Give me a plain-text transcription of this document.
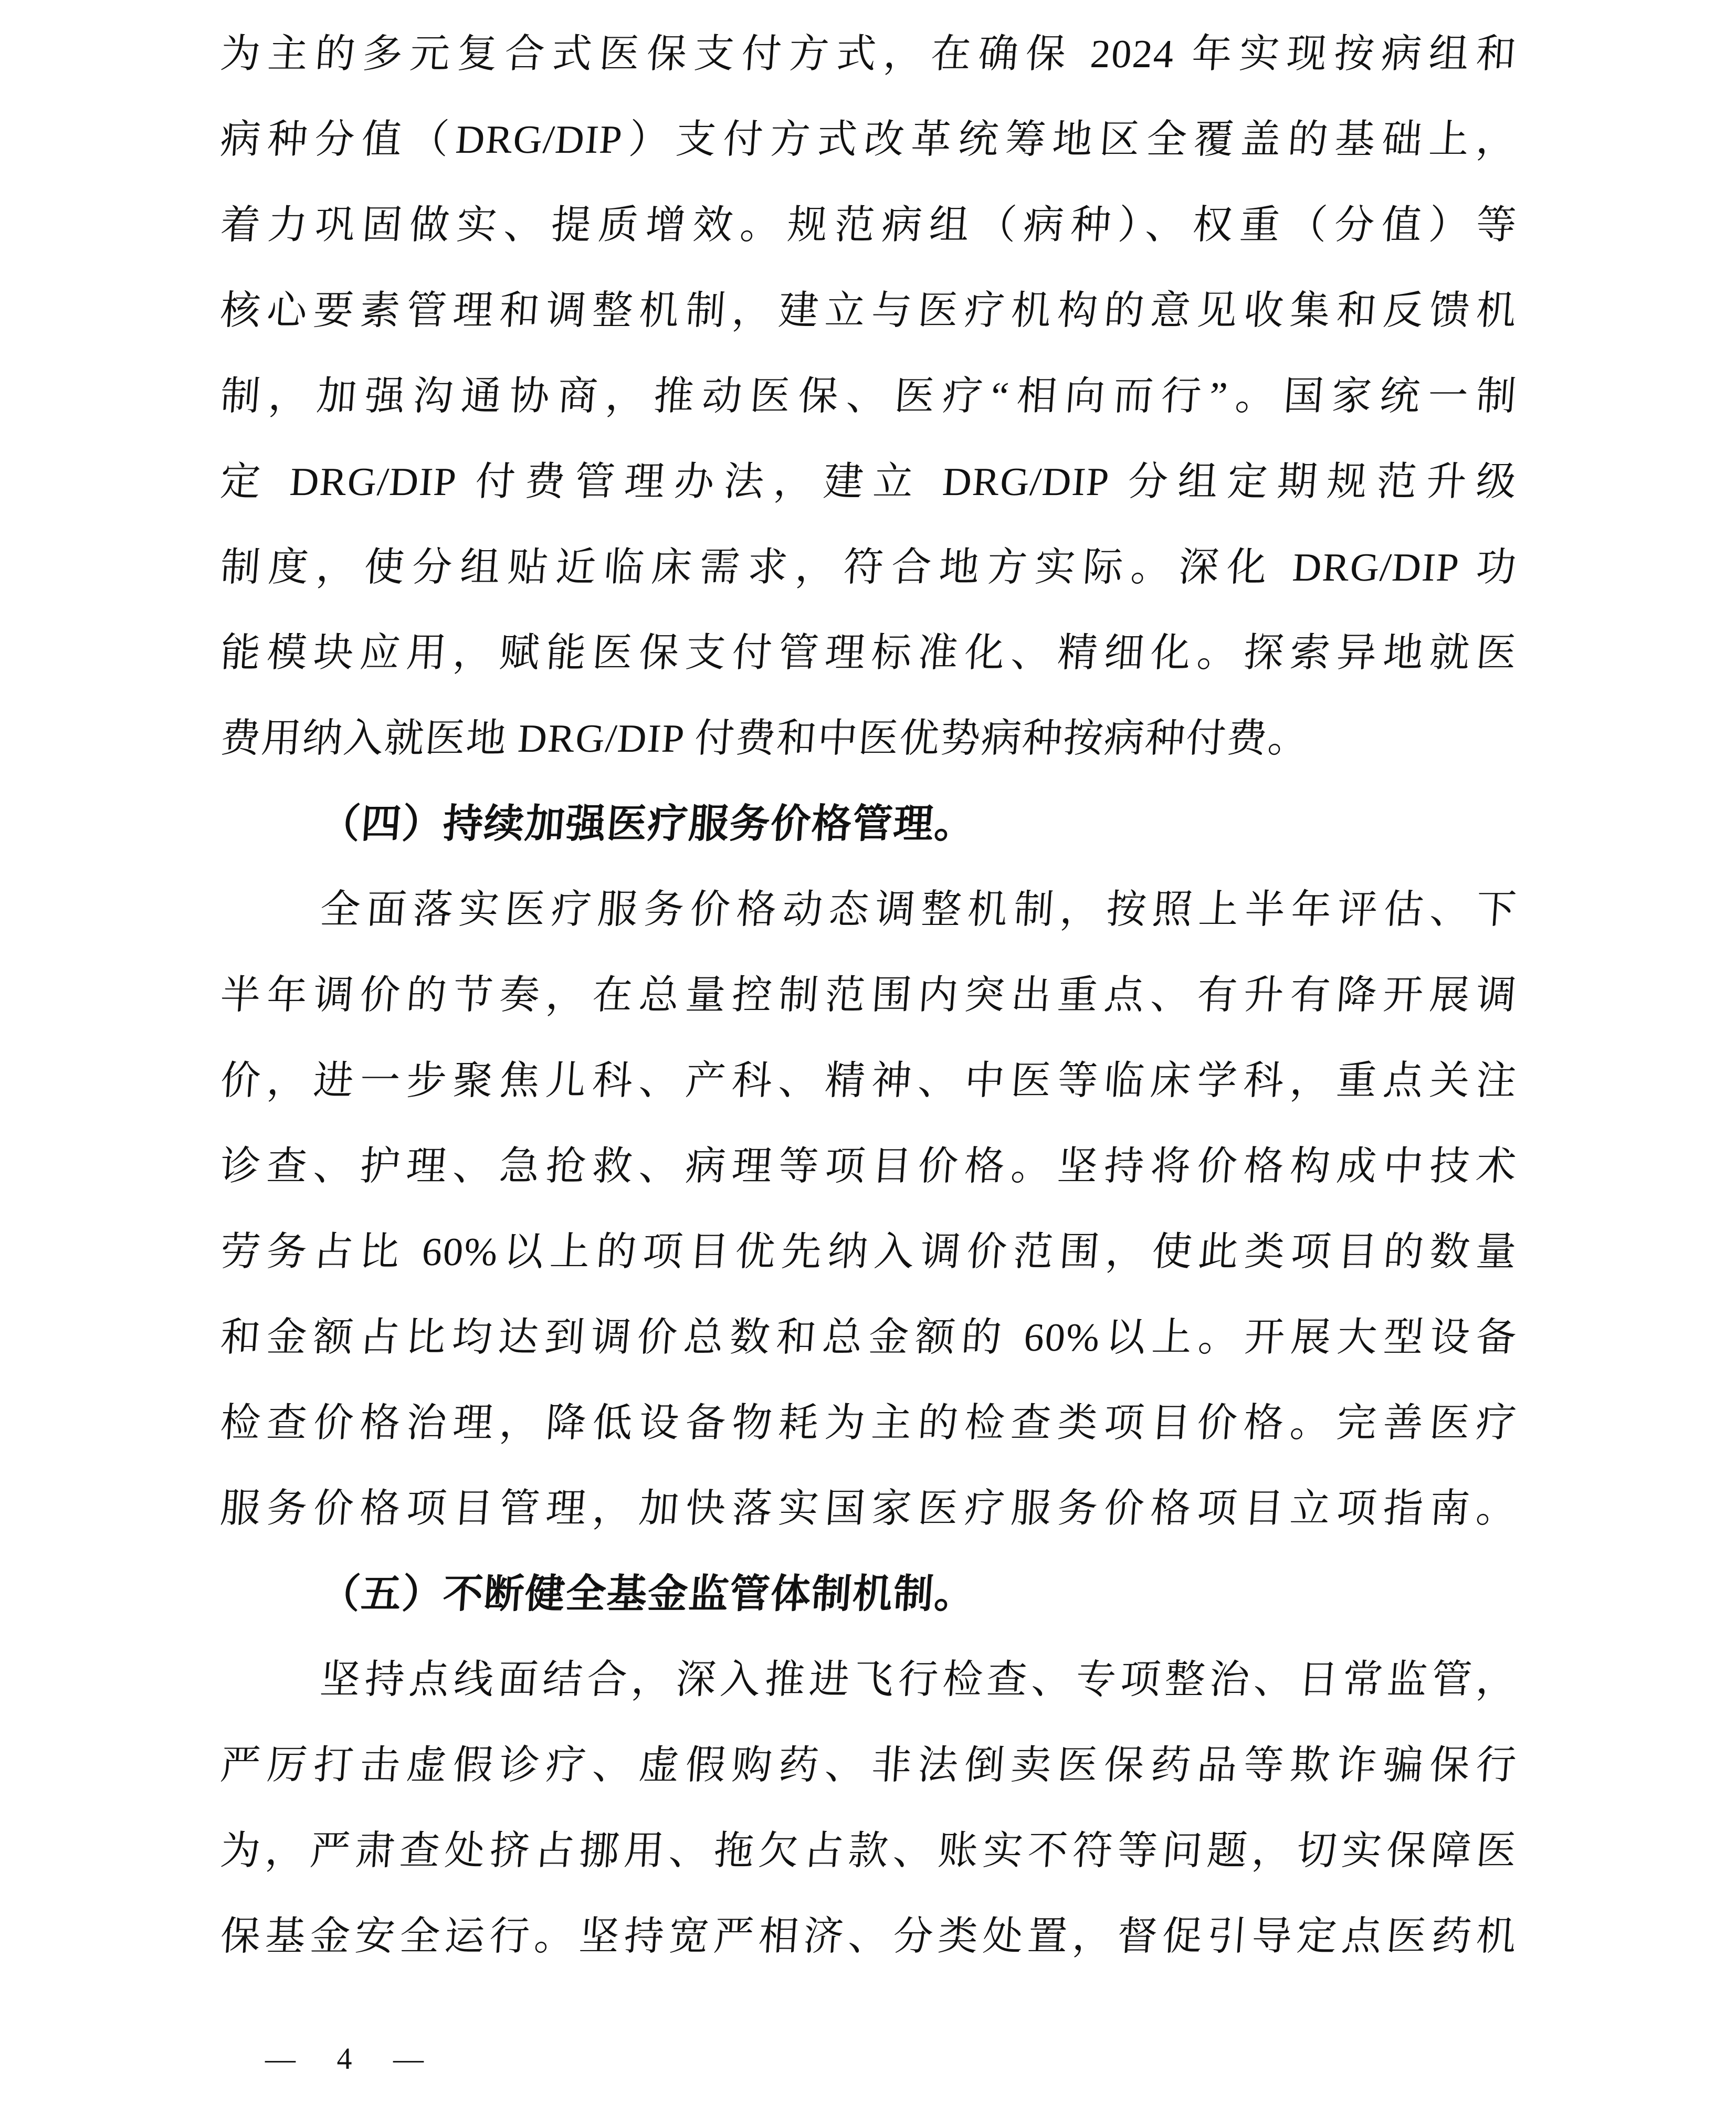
为主的多元复合式医保支付方式，在确保 2024 年实现按病组和
病种分值（DRG/DIP）支付方式改革统筹地区全覆盖的基础上，
着力巩固做实、提质增效。规范病组（病种）、权重（分值）等
核心要素管理和调整机制，建立与医疗机构的意见收集和反馈机
制，加强沟通协商，推动医保、医疗“相向而行”。国家统一制
定 DRG/DIP 付费管理办法，建立 DRG/DIP 分组定期规范升级
制度，使分组贴近临床需求，符合地方实际。深化 DRG/DIP 功
能模块应用，赋能医保支付管理标准化、精细化。探索异地就医
费用纳入就医地 DRG/DIP 付费和中医优势病种按病种付费。
（四）持续加强医疗服务价格管理。
全面落实医疗服务价格动态调整机制，按照上半年评估、下
半年调价的节奏，在总量控制范围内突出重点、有升有降开展调
价，进一步聚焦儿科、产科、精神、中医等临床学科，重点关注
诊查、护理、急抢救、病理等项目价格。坚持将价格构成中技术
劳务占比 60%以上的项目优先纳入调价范围，使此类项目的数量
和金额占比均达到调价总数和总金额的 60%以上。开展大型设备
检查价格治理，降低设备物耗为主的检查类项目价格。完善医疗
服务价格项目管理，加快落实国家医疗服务价格项目立项指南。
（五）不断健全基金监管体制机制。
坚持点线面结合，深入推进飞行检查、专项整治、日常监管，
严厉打击虚假诊疗、虚假购药、非法倒卖医保药品等欺诈骗保行
为，严肃查处挤占挪用、拖欠占款、账实不符等问题，切实保障医
保基金安全运行。坚持宽严相济、分类处置，督促引导定点医药机
— 4 —
